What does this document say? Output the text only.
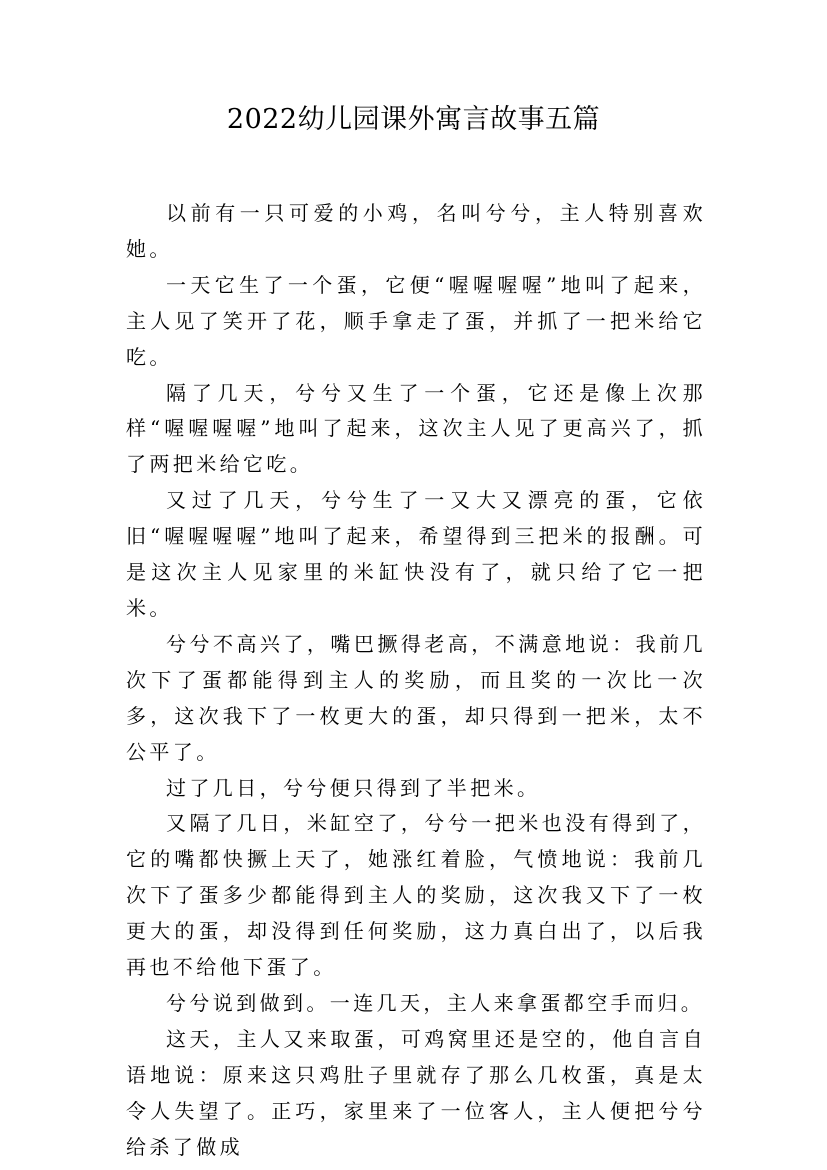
2022幼儿园课外寓言故事五篇

以前有一只可爱的小鸡，名叫兮兮，主人特别喜欢她。

一天它生了一个蛋，它便“喔喔喔喔”地叫了起来，主人见了笑开了花，顺手拿走了蛋，并抓了一把米给它吃。

隔了几天，兮兮又生了一个蛋，它还是像上次那样“喔喔喔喔”地叫了起来，这次主人见了更高兴了，抓了两把米给它吃。

又过了几天，兮兮生了一又大又漂亮的蛋，它依旧“喔喔喔喔”地叫了起来，希望得到三把米的报酬。可是这次主人见家里的米缸快没有了，就只给了它一把米。

兮兮不高兴了，嘴巴撅得老高，不满意地说：我前几次下了蛋都能得到主人的奖励，而且奖的一次比一次多，这次我下了一枚更大的蛋，却只得到一把米，太不公平了。

过了几日，兮兮便只得到了半把米。

又隔了几日，米缸空了，兮兮一把米也没有得到了，它的嘴都快撅上天了，她涨红着脸，气愤地说：我前几次下了蛋多少都能得到主人的奖励，这次我又下了一枚更大的蛋，却没得到任何奖励，这力真白出了，以后我再也不给他下蛋了。

兮兮说到做到。一连几天，主人来拿蛋都空手而归。

这天，主人又来取蛋，可鸡窝里还是空的，他自言自语地说：原来这只鸡肚子里就存了那么几枚蛋，真是太令人失望了。正巧，家里来了一位客人，主人便把兮兮给杀了做成
